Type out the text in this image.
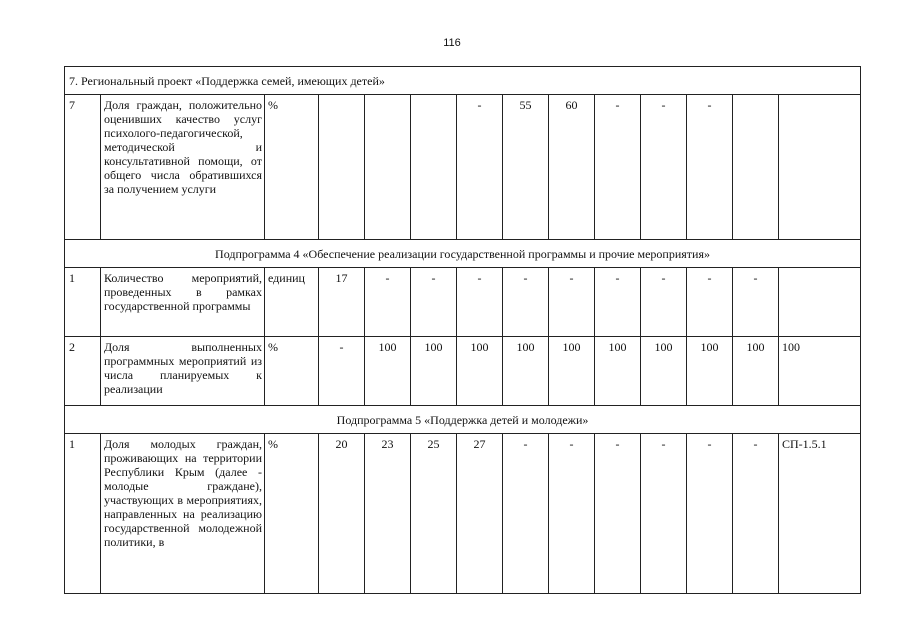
116
7. Региональный проект «Поддержка семей, имеющих детей»													
7	Доля граждан, положительно оценивших качество услуг психолого-педагогической, методической и консультативной помощи, от общего числа обратившихся за получением услуги	%				-	55	60	-	-	-		
Подпрограмма 4 «Обеспечение реализации государственной программы и прочие мероприятия»													
1	Количество мероприятий, проведенных в рамках государственной программы	единиц	17	-	-	-	-	-	-	-	-	-	
2	Доля выполненных программных мероприятий из числа планируемых к реализации	%	-	100	100	100	100	100	100	100	100	100	100
Подпрограмма 5 «Поддержка детей и молодежи»													
1	Доля молодых граждан, проживающих на территории Республики Крым (далее - молодые граждане), участвующих в мероприятиях, направленных на реализацию государственной молодежной политики, в	%	20	23	25	27	-	-	-	-	-	-	СП-1.5.1
